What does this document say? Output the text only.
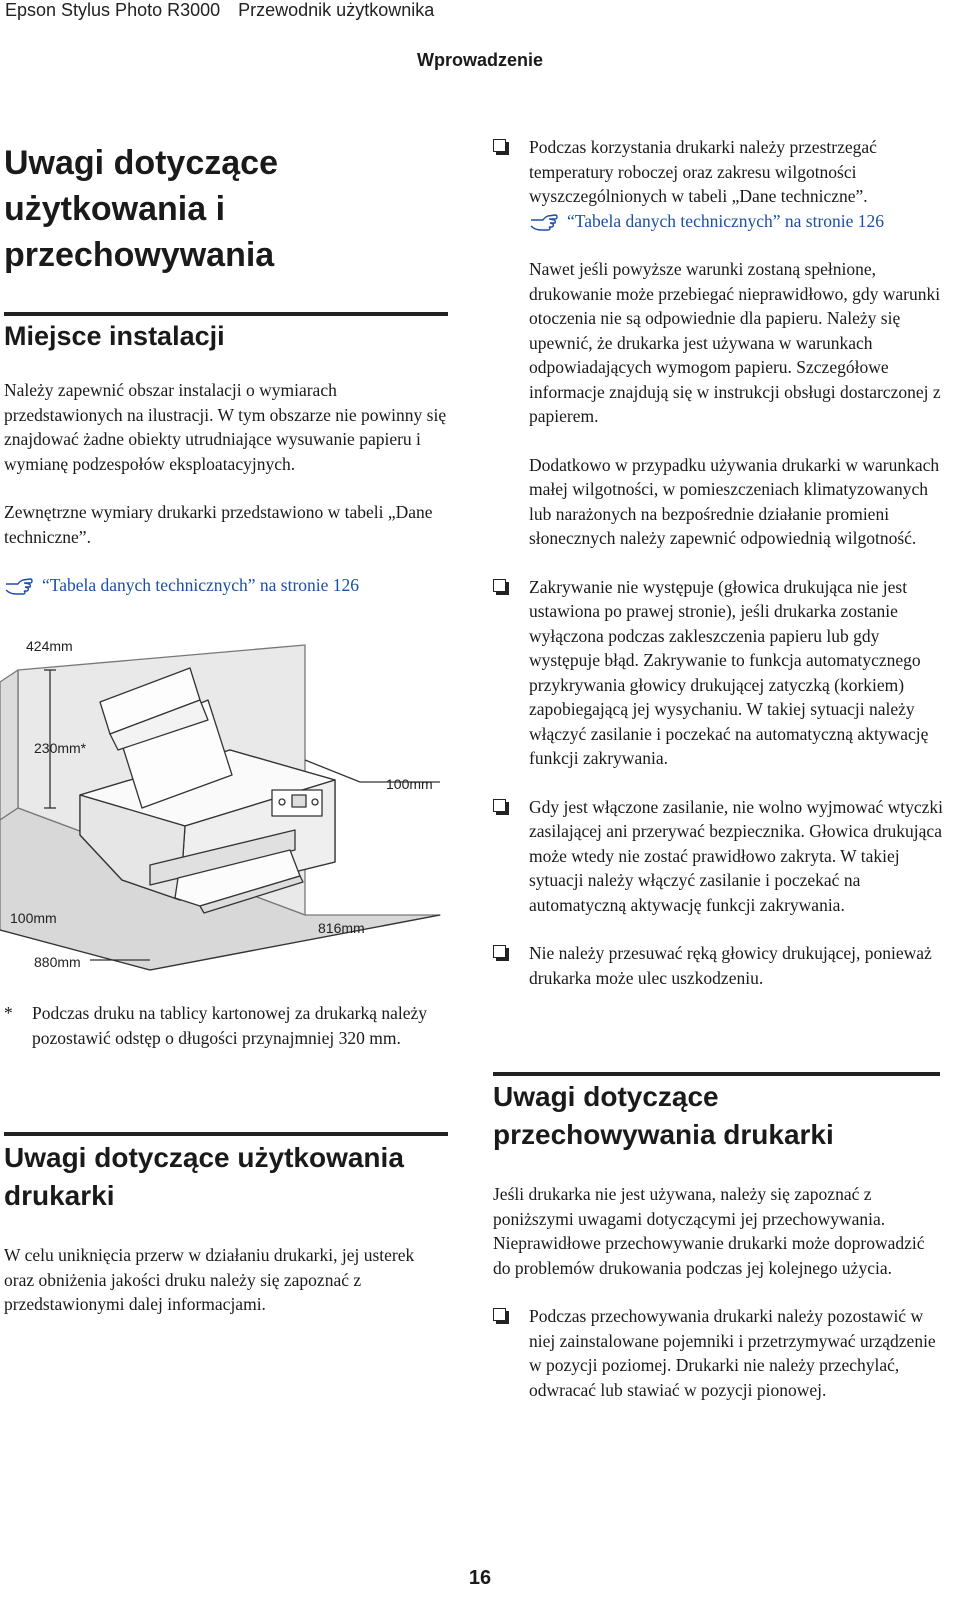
Epson Stylus Photo R3000 Przewodnik użytkownika
Wprowadzenie
Uwagi dotyczące użytkowania i przechowywania
Miejsce instalacji

Należy zapewnić obszar instalacji o wymiarach przedstawionych na ilustracji. W tym obszarze nie powinny się znajdować żadne obiekty utrudniające wysuwanie papieru i wymianę podzespołów eksploatacyjnych.

Zewnętrzne wymiary drukarki przedstawiono w tabeli „Dane techniczne”.

“Tabela danych technicznych” na stronie 126

424mm
230mm*
100mm
100mm
816mm
880mm
* Podczas druku na tablicy kartonowej za drukarką należy pozostawić odstęp o długości przynajmniej 320 mm.

Uwagi dotyczące użytkowania drukarki

W celu uniknięcia przerw w działaniu drukarki, jej usterek oraz obniżenia jakości druku należy się zapoznać z przedstawionymi dalej informacjami.

Podczas korzystania drukarki należy przestrzegać temperatury roboczej oraz zakresu wilgotności wyszczególnionych w tabeli „Dane techniczne”.

“Tabela danych technicznych” na stronie 126

Nawet jeśli powyższe warunki zostaną spełnione, drukowanie może przebiegać nieprawidłowo, gdy warunki otoczenia nie są odpowiednie dla papieru. Należy się upewnić, że drukarka jest używana w warunkach odpowiadających wymogom papieru. Szczegółowe informacje znajdują się w instrukcji obsługi dostarczonej z papierem.

Dodatkowo w przypadku używania drukarki w warunkach małej wilgotności, w pomieszczeniach klimatyzowanych lub narażonych na bezpośrednie działanie promieni słonecznych należy zapewnić odpowiednią wilgotność.

Zakrywanie nie występuje (głowica drukująca nie jest ustawiona po prawej stronie), jeśli drukarka zostanie wyłączona podczas zakleszczenia papieru lub gdy występuje błąd. Zakrywanie to funkcja automatycznego przykrywania głowicy drukującej zatyczką (korkiem) zapobiegającą jej wysychaniu. W takiej sytuacji należy włączyć zasilanie i poczekać na automatyczną aktywację funkcji zakrywania.

Gdy jest włączone zasilanie, nie wolno wyjmować wtyczki zasilającej ani przerywać bezpiecznika. Głowica drukująca może wtedy nie zostać prawidłowo zakryta. W takiej sytuacji należy włączyć zasilanie i poczekać na automatyczną aktywację funkcji zakrywania.

Nie należy przesuwać ręką głowicy drukującej, ponieważ drukarka może ulec uszkodzeniu.

Uwagi dotyczące przechowywania drukarki

Jeśli drukarka nie jest używana, należy się zapoznać z poniższymi uwagami dotyczącymi jej przechowywania. Nieprawidłowe przechowywanie drukarki może doprowadzić do problemów drukowania podczas jej kolejnego użycia.

Podczas przechowywania drukarki należy pozostawić w niej zainstalowane pojemniki i przetrzymywać urządzenie w pozycji poziomej. Drukarki nie należy przechylać, odwracać lub stawiać w pozycji pionowej.

16
